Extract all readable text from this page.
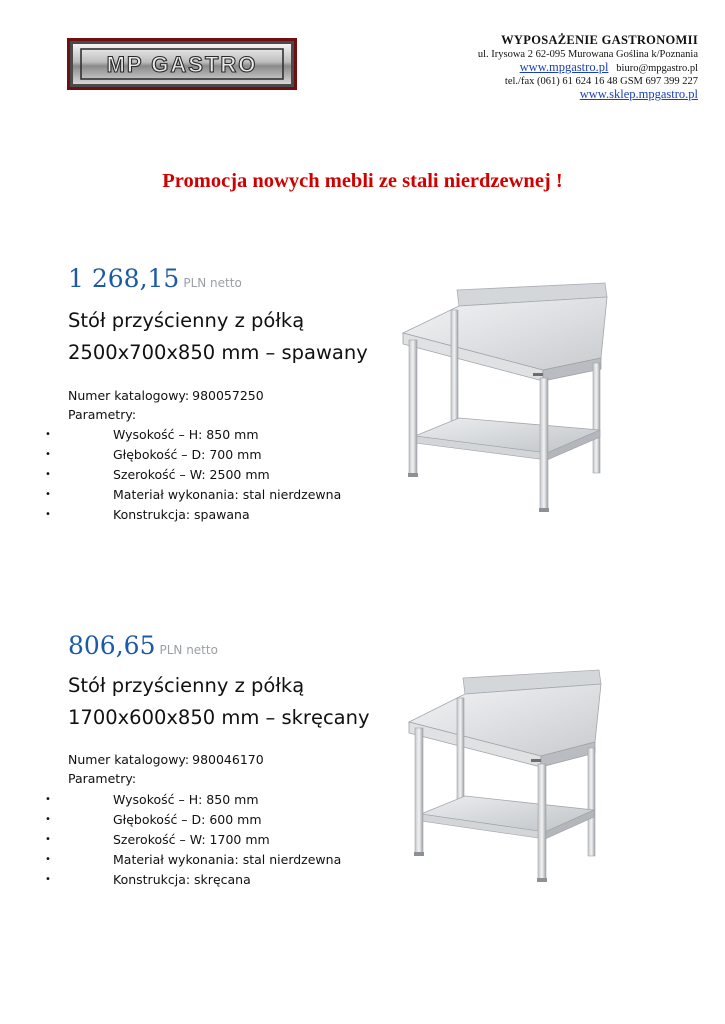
MP GASTRO
WYPOSAŻENIE GASTRONOMII
ul. Irysowa 2 62-095 Murowana Goślina k/Poznania
www.mpgastro.pl biuro@mpgastro.pl
tel./fax (061) 61 624 16 48 GSM 697 399 227
www.sklep.mpgastro.pl
Promocja nowych mebli ze stali nierdzewnej !
1 268,15 PLN netto
Stół przyścienny z półką
2500x700x850 mm – spawany
Numer katalogowy: 980057250
Parametry:
•	Wysokość – H: 850 mm
•	Głębokość – D: 700 mm
•	Szerokość – W: 2500 mm
•	Materiał wykonania: stal nierdzewna
•	Konstrukcja: spawana
806,65 PLN netto
Stół przyścienny z półką
1700x600x850 mm – skręcany
Numer katalogowy: 980046170
Parametry:
•	Wysokość – H: 850 mm
•	Głębokość – D: 600 mm
•	Szerokość – W: 1700 mm
•	Materiał wykonania: stal nierdzewna
•	Konstrukcja: skręcana
